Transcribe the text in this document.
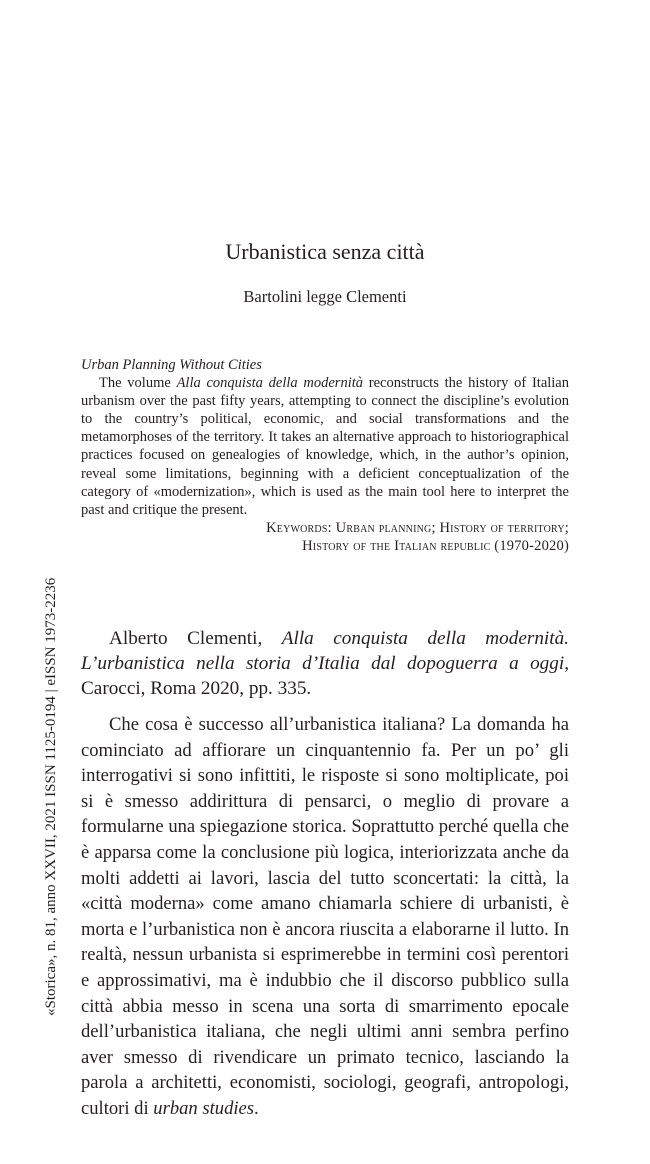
Urbanistica senza città
Bartolini legge Clementi

Urban Planning Without Cities

The volume Alla conquista della modernità reconstructs the history of Italian urbanism over the past fifty years, attempting to connect the discipline’s evolution to the country’s political, economic, and social transformations and the metamorphoses of the territory. It takes an alternative approach to historiographical practices focused on genealogies of knowledge, which, in the author’s opinion, reveal some limitations, beginning with a deficient conceptualization of the category of «modernization», which is used as the main tool here to interpret the past and critique the present.

Keywords: Urban planning; History of territory;

History of the Italian republic (1970-2020)

Alberto Clementi, Alla conquista della modernità. L’urbanistica nella storia d’Italia dal dopoguerra a oggi, Carocci, Roma 2020, pp. 335.

Che cosa è successo all’urbanistica italiana? La domanda ha cominciato ad affiorare un cinquantennio fa. Per un po’ gli interrogativi si sono infittiti, le risposte si sono moltiplicate, poi si è smesso addirittura di pensarci, o meglio di provare a formularne una spiegazione storica. Soprattutto perché quella che è apparsa come la conclusione più logica, interiorizzata anche da molti addetti ai lavori, lascia del tutto sconcertati: la città, la «città moderna» come amano chiamarla schiere di urbanisti, è morta e l’urbanistica non è ancora riuscita a elaborarne il lutto. In realtà, nessun urbanista si esprimerebbe in termini così perentori e approssimativi, ma è indubbio che il discorso pubblico sulla città abbia messo in scena una sorta di smarrimento epocale dell’urbanistica italiana, che negli ultimi anni sembra perfino aver smesso di rivendicare un primato tecnico, lasciando la parola a architetti, economisti, sociologi, geografi, antropologi, cultori di urban studies.

«Storica», n. 81, anno XXVII, 2021 ISSN 1125-0194 | eISSN 1973-2236
